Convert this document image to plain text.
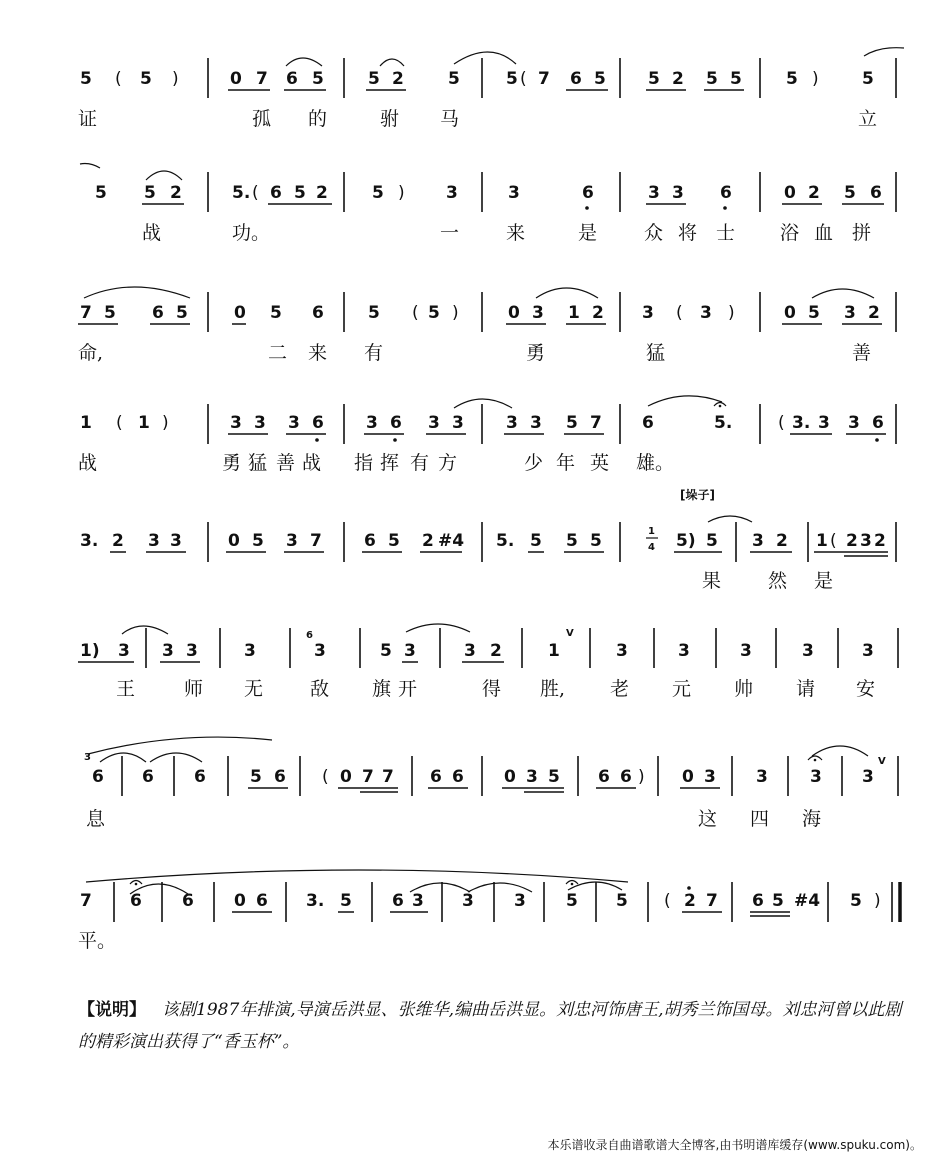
5 ( 5 )	0 7 6 5	5 2	5	5 ( 7 6 5 5 2 5 5	5 )	5
证	孤 的	驸 马	立
5 5 2	5. ( 6 5 2	5 ) 3	3	6	3 3 6	0 2 5 6
战	功。	一 来	是 众 将 士 浴 血 拼
7 5 6 5	0 5 6	5 ( 5 )	0 3 1 2 3 ( 3 )	0 5 3 2
命,	二 来 有	勇	猛	善
1 ( 1 )	3 3 3 6 3 6 3 3 3 3 5 7 6	5.	( 3. 3 3 6
战	勇 猛 善 战 指 挥 有 方	少 年 英 雄。
[垛子]
3. 2 3 3	0 5 3 7 6 5 2 #4 5. 5 5 5	1
4 5) 5 3 2 1 ( 2 3 2
果 然 是
1) 3 3 3	3
6
3	5 3	3 2	1
V
3	3	3	3	3
王	师 无 敌 旗 开	得 胜, 老 元 帅 请 安
3
6 6 6	5 6 ( 0 7 7 6 6 0 3 5 6 6 ) 0 3 3 3 3
V
息	这 四 海
7 6 6 0 6 3. 5 6 3 3 3 5 5 ( 2 7 6 5 #4 5 )
平。
【说明】 该剧1987年排演,导演岳洪显、张维华,编曲岳洪显。刘忠河饰唐王,胡秀兰饰国母。刘忠河曾以此剧的精彩演出获得了“香玉杯”。
本乐谱收录自曲谱歌谱大全博客,由书明谱库缓存(www.spuku.com)。
